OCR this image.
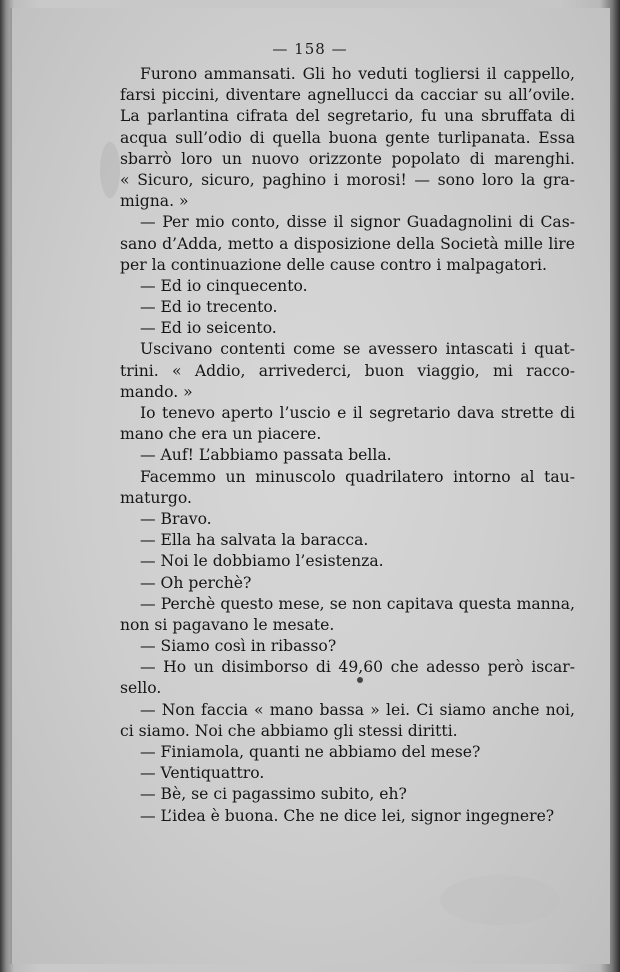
— 158 —
Furono ammansati. Gli ho veduti togliersi il cappello,
farsi piccini, diventare agnellucci da cacciar su all’ovile.
La parlantina cifrata del segretario, fu una sbruffata di
acqua sull’odio di quella buona gente turlipanata. Essa
sbarrò loro un nuovo orizzonte popolato di marenghi.
« Sicuro, sicuro, paghino i morosi! — sono loro la gra-
migna. »
— Per mio conto, disse il signor Guadagnolini di Cas-
sano d’Adda, metto a disposizione della Società mille lire
per la continuazione delle cause contro i malpagatori.
— Ed io cinquecento.
— Ed io trecento.
— Ed io seicento.
Uscivano contenti come se avessero intascati i quat-
trini. « Addio, arrivederci, buon viaggio, mi racco-
mando. »
Io tenevo aperto l’uscio e il segretario dava strette di
mano che era un piacere.
— Auf! L’abbiamo passata bella.
Facemmo un minuscolo quadrilatero intorno al tau-
maturgo.
— Bravo.
— Ella ha salvata la baracca.
— Noi le dobbiamo l’esistenza.
— Oh perchè?
— Perchè questo mese, se non capitava questa manna,
non si pagavano le mesate.
— Siamo così in ribasso?
— Ho un disimborso di 49,60 che adesso però iscar-
sello.
— Non faccia « mano bassa » lei. Ci siamo anche noi,
ci siamo. Noi che abbiamo gli stessi diritti.
— Finiamola, quanti ne abbiamo del mese?
— Ventiquattro.
— Bè, se ci pagassimo subito, eh?
— L’idea è buona. Che ne dice lei, signor ingegnere?
